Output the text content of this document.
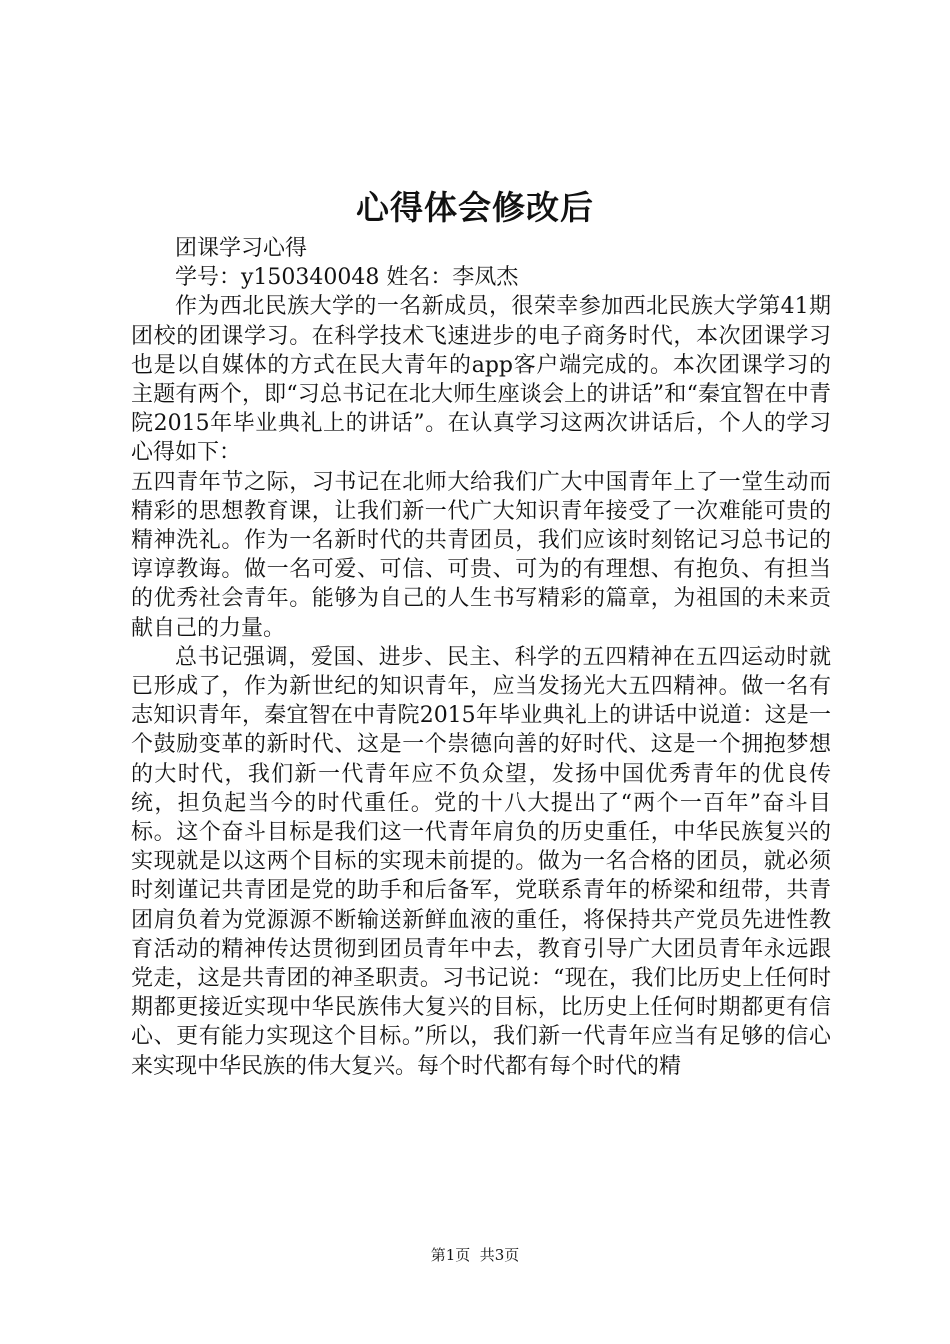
心得体会修改后

团课学习心得

学号：y150340048 姓名：李凤杰

作为西北民族大学的一名新成员，很荣幸参加西北民族大学第41期团校的团课学习。在科学技术飞速进步的电子商务时代，本次团课学习也是以自媒体的方式在民大青年的app客户端完成的。本次团课学习的主题有两个，即“习总书记在北大师生座谈会上的讲话”和“秦宜智在中青院2015年毕业典礼上的讲话”。在认真学习这两次讲话后，个人的学习心得如下：

五四青年节之际，习书记在北师大给我们广大中国青年上了一堂生动而精彩的思想教育课，让我们新一代广大知识青年接受了一次难能可贵的精神洗礼。作为一名新时代的共青团员，我们应该时刻铭记习总书记的谆谆教诲。做一名可爱、可信、可贵、可为的有理想、有抱负、有担当的优秀社会青年。能够为自己的人生书写精彩的篇章，为祖国的未来贡献自己的力量。

总书记强调，爱国、进步、民主、科学的五四精神在五四运动时就已形成了，作为新世纪的知识青年，应当发扬光大五四精神。做一名有志知识青年，秦宜智在中青院2015年毕业典礼上的讲话中说道：这是一个鼓励变革的新时代、这是一个崇德向善的好时代、这是一个拥抱梦想的大时代，我们新一代青年应不负众望，发扬中国优秀青年的优良传统，担负起当今的时代重任。党的十八大提出了“两个一百年”奋斗目标。这个奋斗目标是我们这一代青年肩负的历史重任，中华民族复兴的实现就是以这两个目标的实现未前提的。做为一名合格的团员，就必须时刻谨记共青团是党的助手和后备军，党联系青年的桥梁和纽带，共青团肩负着为党源源不断输送新鲜血液的重任，将保持共产党员先进性教育活动的精神传达贯彻到团员青年中去，教育引导广大团员青年永远跟党走，这是共青团的神圣职责。习书记说：“现在，我们比历史上任何时期都更接近实现中华民族伟大复兴的目标，比历史上任何时期都更有信心、更有能力实现这个目标。”所以，我们新一代青年应当有足够的信心来实现中华民族的伟大复兴。每个时代都有每个时代的精

第1页  共3页
